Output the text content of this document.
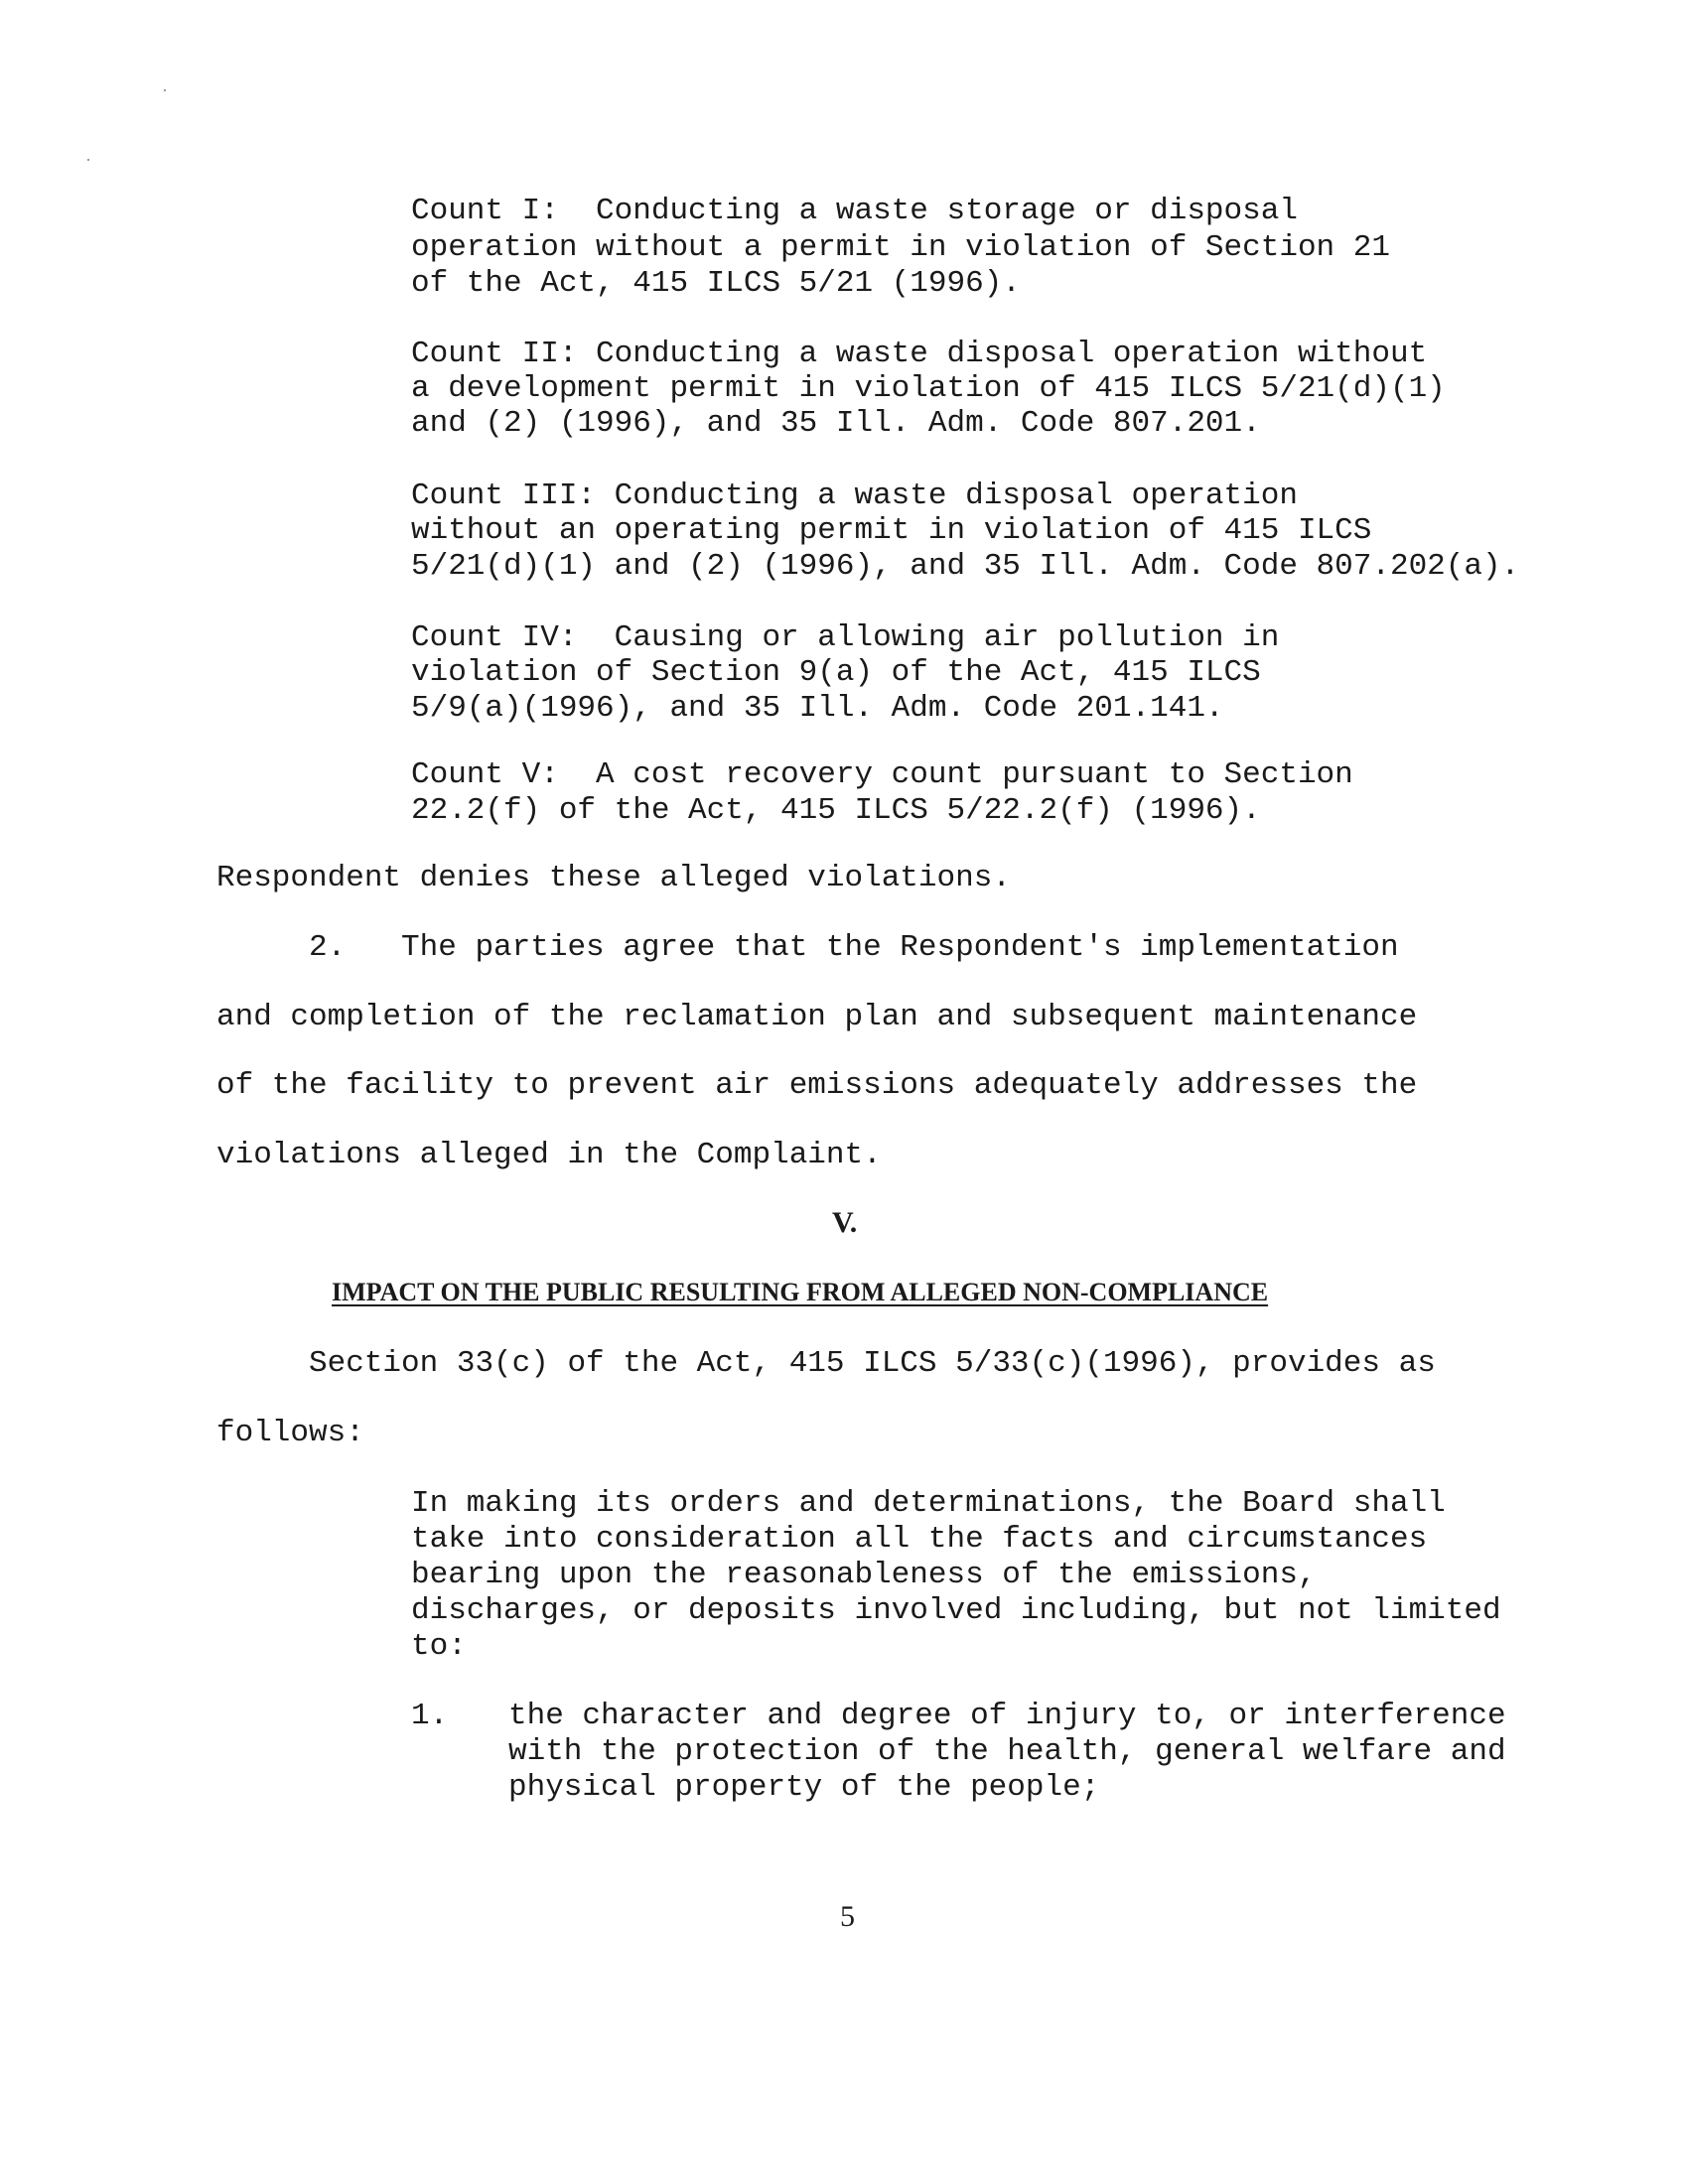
Count I:  Conducting a waste storage or disposal

operation without a permit in violation of Section 21

of the Act, 415 ILCS 5/21 (1996).

Count II: Conducting a waste disposal operation without

a development permit in violation of 415 ILCS 5/21(d)(1)

and (2) (1996), and 35 Ill. Adm. Code 807.201.

Count III: Conducting a waste disposal operation

without an operating permit in violation of 415 ILCS

5/21(d)(1) and (2) (1996), and 35 Ill. Adm. Code 807.202(a).

Count IV:  Causing or allowing air pollution in

violation of Section 9(a) of the Act, 415 ILCS

5/9(a)(1996), and 35 Ill. Adm. Code 201.141.

Count V:  A cost recovery count pursuant to Section

22.2(f) of the Act, 415 ILCS 5/22.2(f) (1996).

Respondent denies these alleged violations.

2.   The parties agree that the Respondent's implementation

and completion of the reclamation plan and subsequent maintenance

of the facility to prevent air emissions adequately addresses the

violations alleged in the Complaint.

V.
IMPACT ON THE PUBLIC RESULTING FROM ALLEGED NON-COMPLIANCE

Section 33(c) of the Act, 415 ILCS 5/33(c)(1996), provides as

follows:

In making its orders and determinations, the Board shall

take into consideration all the facts and circumstances

bearing upon the reasonableness of the emissions,

discharges, or deposits involved including, but not limited

to:

1. the character and degree of injury to, or interference

with the protection of the health, general welfare and

physical property of the people;

5
